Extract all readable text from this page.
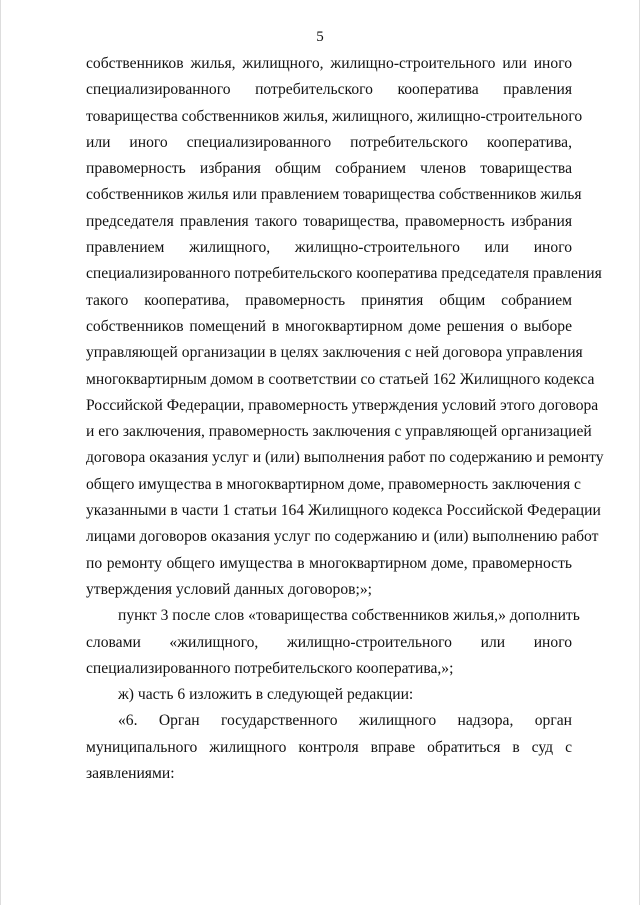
5
собственников жилья, жилищного, жилищно-строительного или иного
специализированного потребительского кооператива правления
товарищества собственников жилья, жилищного, жилищно-строительного
или иного специализированного потребительского кооператива,
правомерность избрания общим собранием членов товарищества
собственников жилья или правлением товарищества собственников жилья
председателя правления такого товарищества, правомерность избрания
правлением жилищного, жилищно-строительного или иного
специализированного потребительского кооператива председателя правления
такого кооператива, правомерность принятия общим собранием
собственников помещений в многоквартирном доме решения о выборе
управляющей организации в целях заключения с ней договора управления
многоквартирным домом в соответствии со статьей 162 Жилищного кодекса
Российской Федерации, правомерность утверждения условий этого договора
и его заключения, правомерность заключения с управляющей организацией
договора оказания услуг и (или) выполнения работ по содержанию и ремонту
общего имущества в многоквартирном доме, правомерность заключения с
указанными в части 1 статьи 164 Жилищного кодекса Российской Федерации
лицами договоров оказания услуг по содержанию и (или) выполнению работ
по ремонту общего имущества в многоквартирном доме, правомерность
утверждения условий данных договоров;»;
пункт 3 после слов «товарищества собственников жилья,» дополнить
словами «жилищного, жилищно-строительного или иного
специализированного потребительского кооператива,»;
ж) часть 6 изложить в следующей редакции:
«6. Орган государственного жилищного надзора, орган
муниципального жилищного контроля вправе обратиться в суд с
заявлениями:
